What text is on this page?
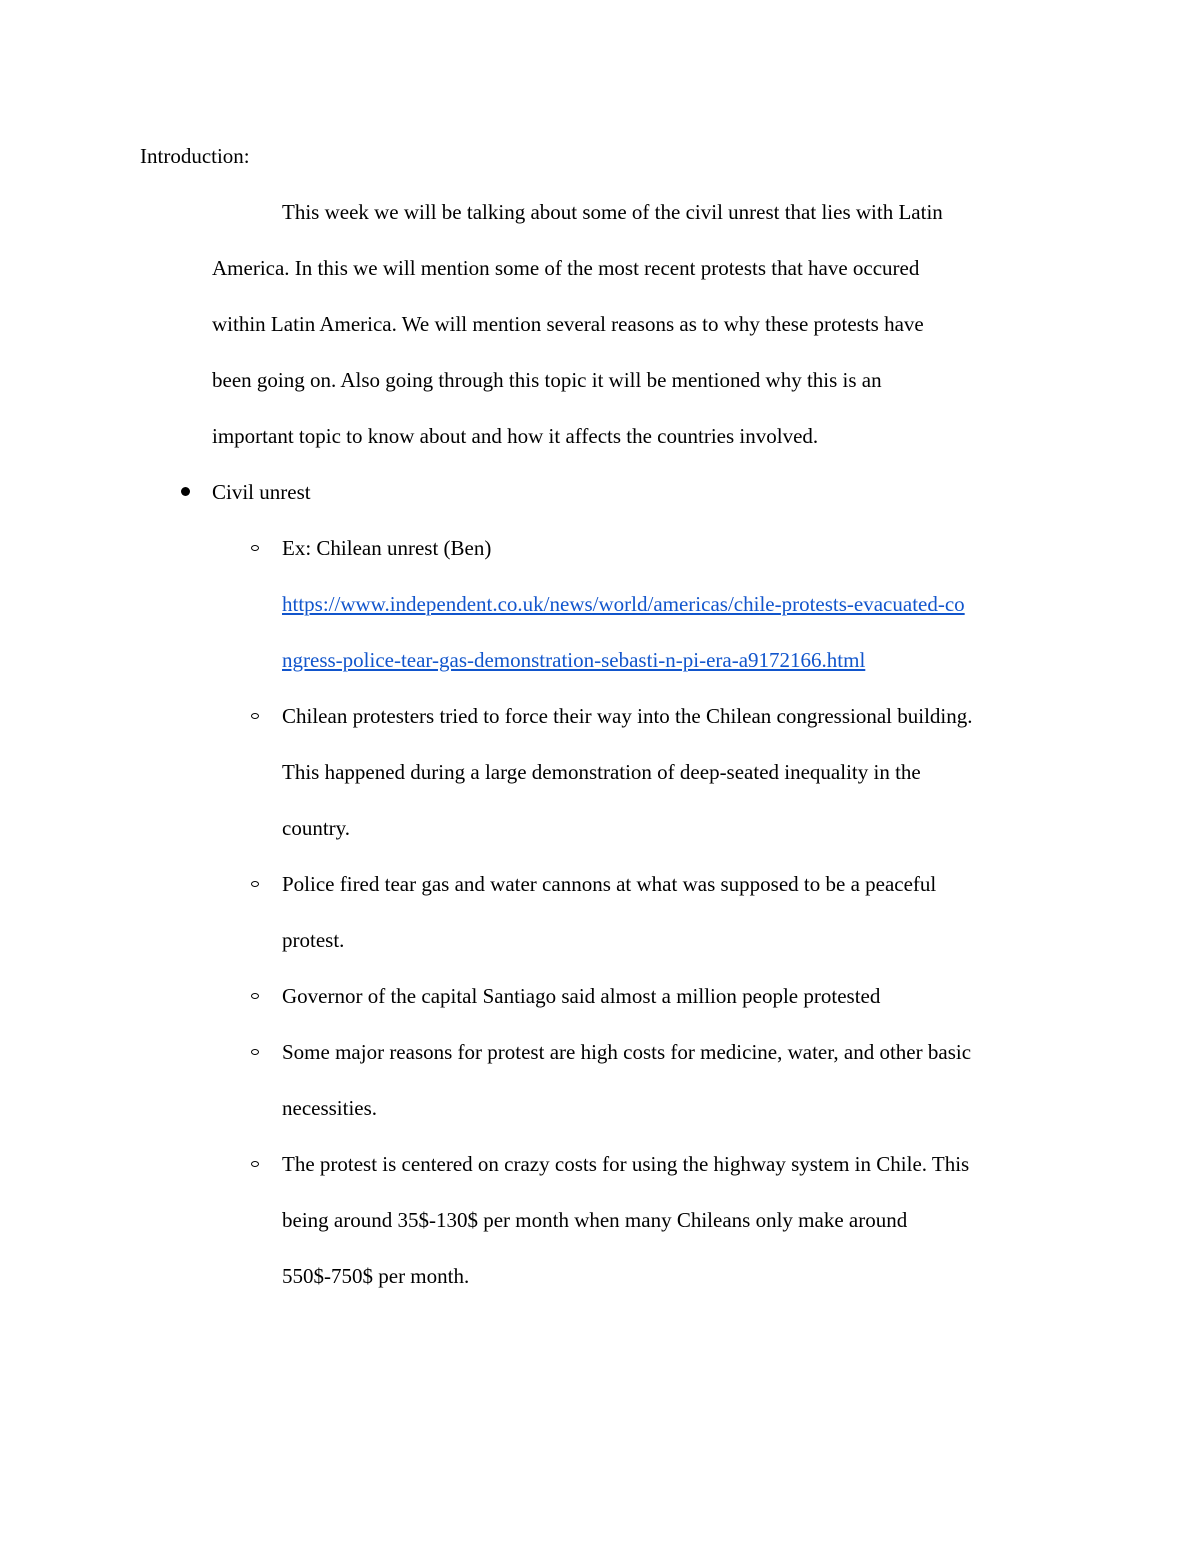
Introduction:
This week we will be talking about some of the civil unrest that lies with Latin
America. In this we will mention some of the most recent protests that have occured
within Latin America. We will mention several reasons as to why these protests have
been going on. Also going through this topic it will be mentioned why this is an
important topic to know about and how it affects the countries involved.
Civil unrest
Ex: Chilean unrest (Ben)
https://www.independent.co.uk/news/world/americas/chile-protests-evacuated-co
ngress-police-tear-gas-demonstration-sebasti-n-pi-era-a9172166.html
Chilean protesters tried to force their way into the Chilean congressional building.
This happened during a large demonstration of deep-seated inequality in the
country.
Police fired tear gas and water cannons at what was supposed to be a peaceful
protest.
Governor of the capital Santiago said almost a million people protested
Some major reasons for protest are high costs for medicine, water, and other basic
necessities.
The protest is centered on crazy costs for using the highway system in Chile. This
being around 35$-130$ per month when many Chileans only make around
550$-750$ per month.
